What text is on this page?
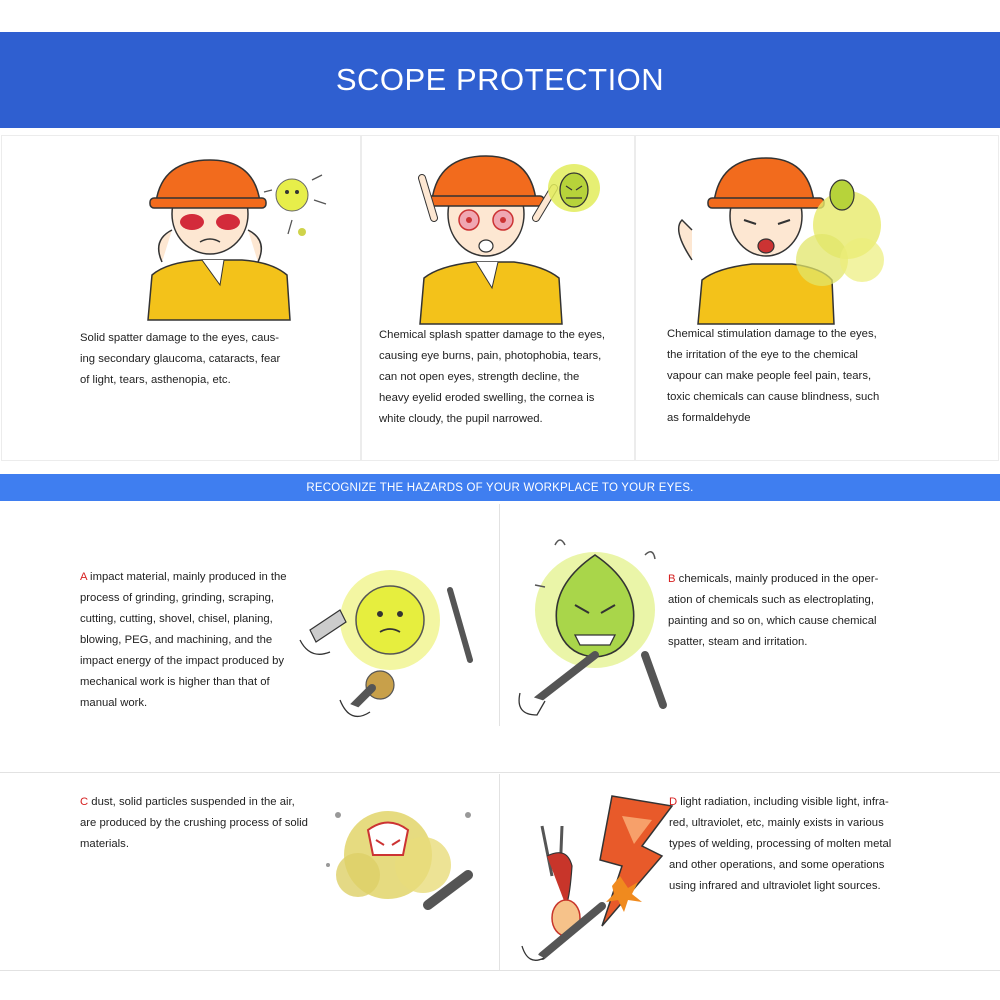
SCOPE PROTECTION
Solid spatter damage to the eyes, caus-
ing secondary glaucoma, cataracts, fear
of light, tears, asthenopia, etc.
Chemical splash spatter damage to the eyes,
causing eye burns, pain, photophobia, tears,
can not open eyes, strength decline, the
heavy eyelid eroded swelling, the cornea is
white cloudy, the pupil narrowed.
Chemical stimulation damage to the eyes,
the irritation of the eye to the chemical
vapour can make people feel pain, tears,
toxic chemicals can cause blindness, such
as formaldehyde
RECOGNIZE THE HAZARDS OF YOUR WORKPLACE TO YOUR EYES.
A impact material, mainly produced in the
process of grinding, grinding, scraping,
cutting, cutting, shovel, chisel, planing,
blowing, PEG, and machining, and the
impact energy of the impact produced by
mechanical work is higher than that of
manual work.
B chemicals, mainly produced in the oper-
ation of chemicals such as electroplating,
painting and so on, which cause chemical
spatter, steam and irritation.
C dust, solid particles suspended in the air,
are produced by the crushing process of solid
materials.
D light radiation, including visible light, infra-
red, ultraviolet, etc, mainly exists in various
types of welding, processing of molten metal
and other operations, and some operations
using infrared and ultraviolet light sources.
